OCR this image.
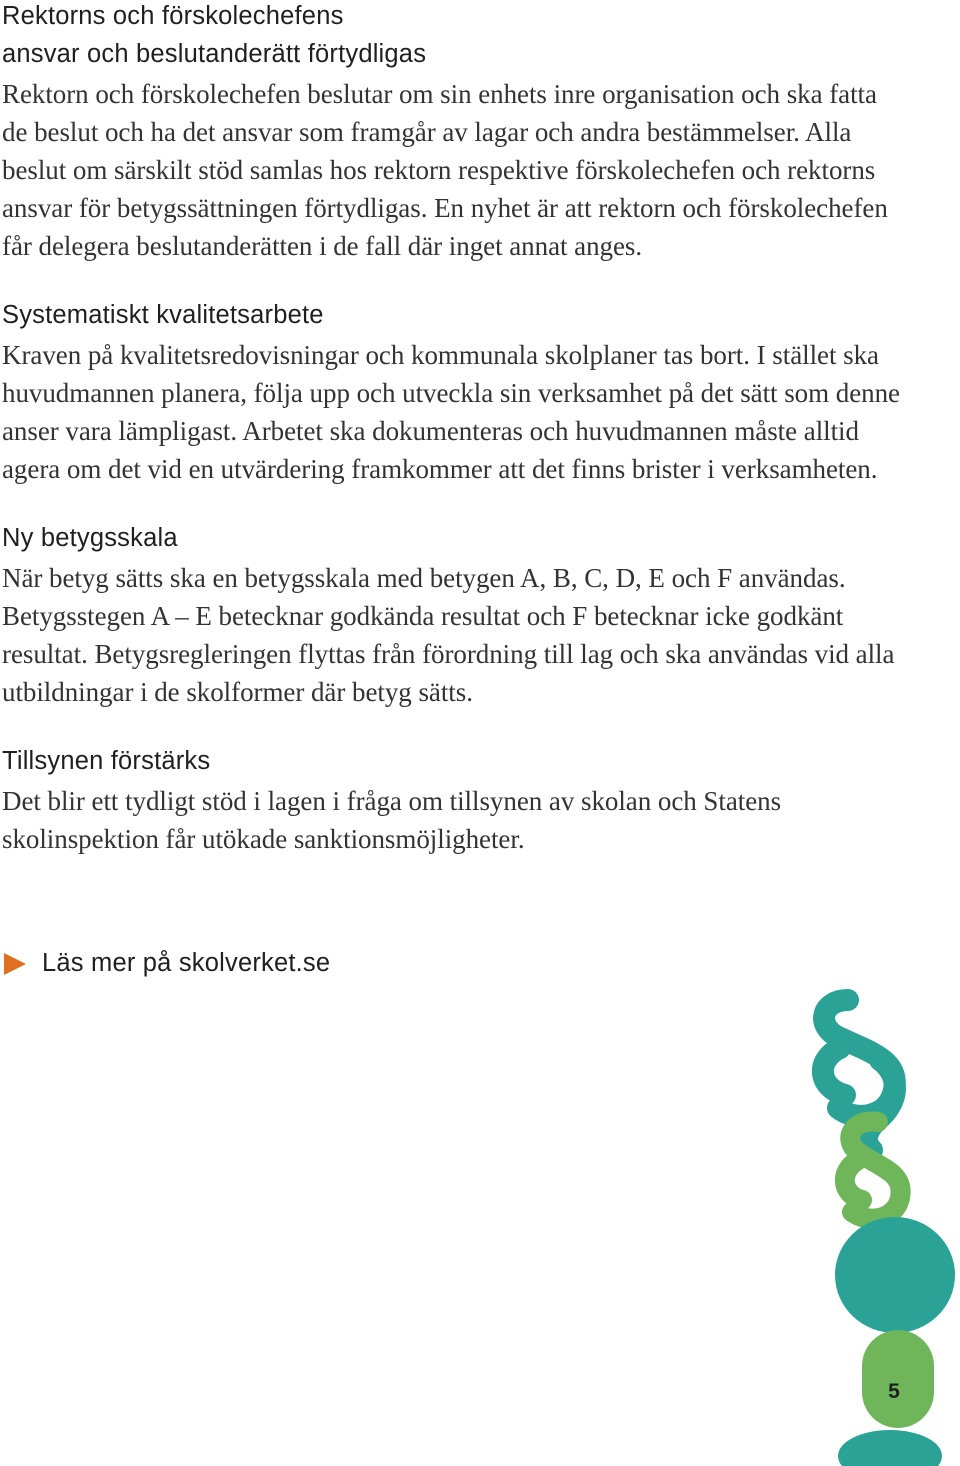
Rektorns och förskolechefens
ansvar och beslutanderätt förtydligas

Rektorn och förskolechefen beslutar om sin enhets inre organisation och ska fatta de beslut och ha det ansvar som framgår av lagar och andra bestämmelser. Alla beslut om särskilt stöd samlas hos rektorn respektive förskolechefen och rektorns ansvar för betygssättningen förtydligas. En nyhet är att rektorn och förskolechefen får delegera beslutanderätten i de fall där inget annat anges.

Systematiskt kvalitetsarbete

Kraven på kvalitetsredovisningar och kommunala skolplaner tas bort. I stället ska huvudmannen planera, följa upp och utveckla sin verksamhet på det sätt som denne anser vara lämpligast. Arbetet ska dokumenteras och huvudmannen måste alltid agera om det vid en utvärdering framkommer att det finns brister i verksamheten.

Ny betygsskala

När betyg sätts ska en betygsskala med betygen A, B, C, D, E och F användas. Betygsstegen A – E betecknar godkända resultat och F betecknar icke godkänt resultat. Betygsregleringen flyttas från förordning till lag och ska användas vid alla utbildningar i de skolformer där betyg sätts.

Tillsynen förstärks

Det blir ett tydligt stöd i lagen i fråga om tillsynen av skolan och Statens skolinspektion får utökade sanktionsmöjligheter.

Läs mer på skolverket.se
5
